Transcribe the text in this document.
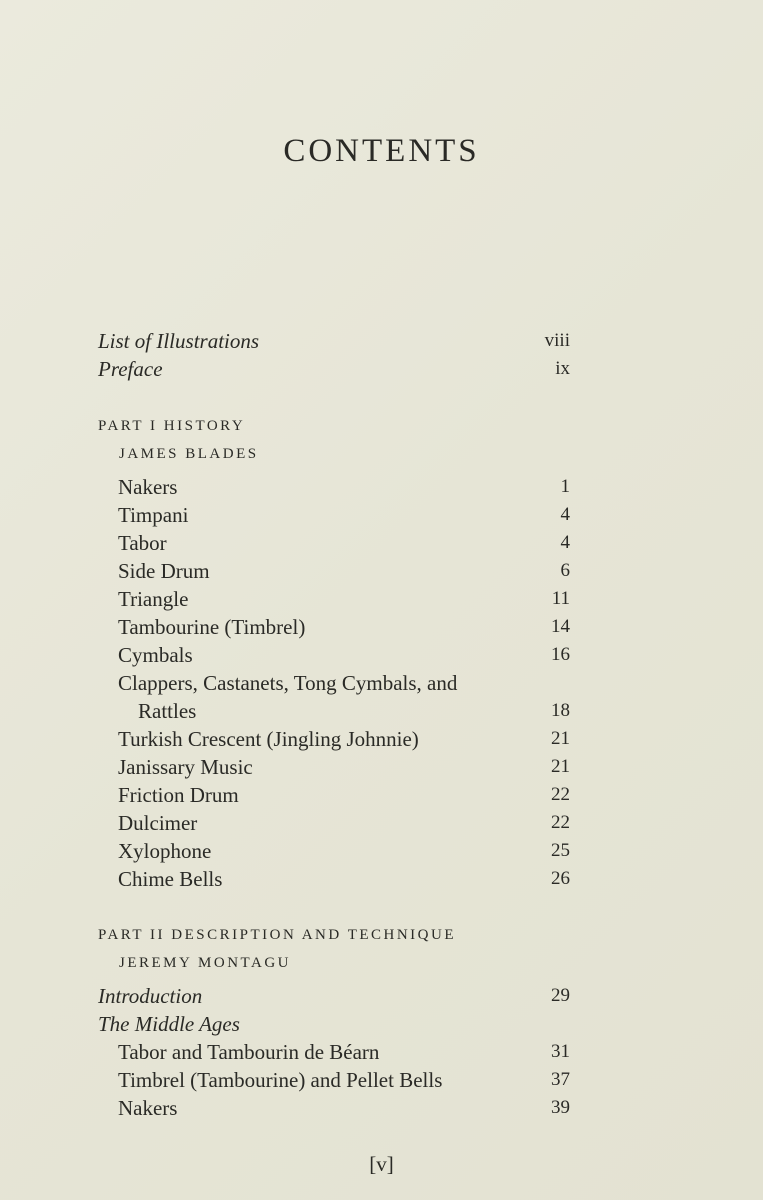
CONTENTS
List of Illustrations	viii
Preface	ix
PART I HISTORY
JAMES BLADES
Nakers	1
Timpani	4
Tabor	4
Side Drum	6
Triangle	11
Tambourine (Timbrel)	14
Cymbals	16
Clappers, Castanets, Tong Cymbals, and
Rattles	18
Turkish Crescent (Jingling Johnnie)	21
Janissary Music	21
Friction Drum	22
Dulcimer	22
Xylophone	25
Chime Bells	26
PART II DESCRIPTION AND TECHNIQUE
JEREMY MONTAGU
Introduction	29
The Middle Ages
Tabor and Tambourin de Béarn	31
Timbrel (Tambourine) and Pellet Bells	37
Nakers	39
[v]
